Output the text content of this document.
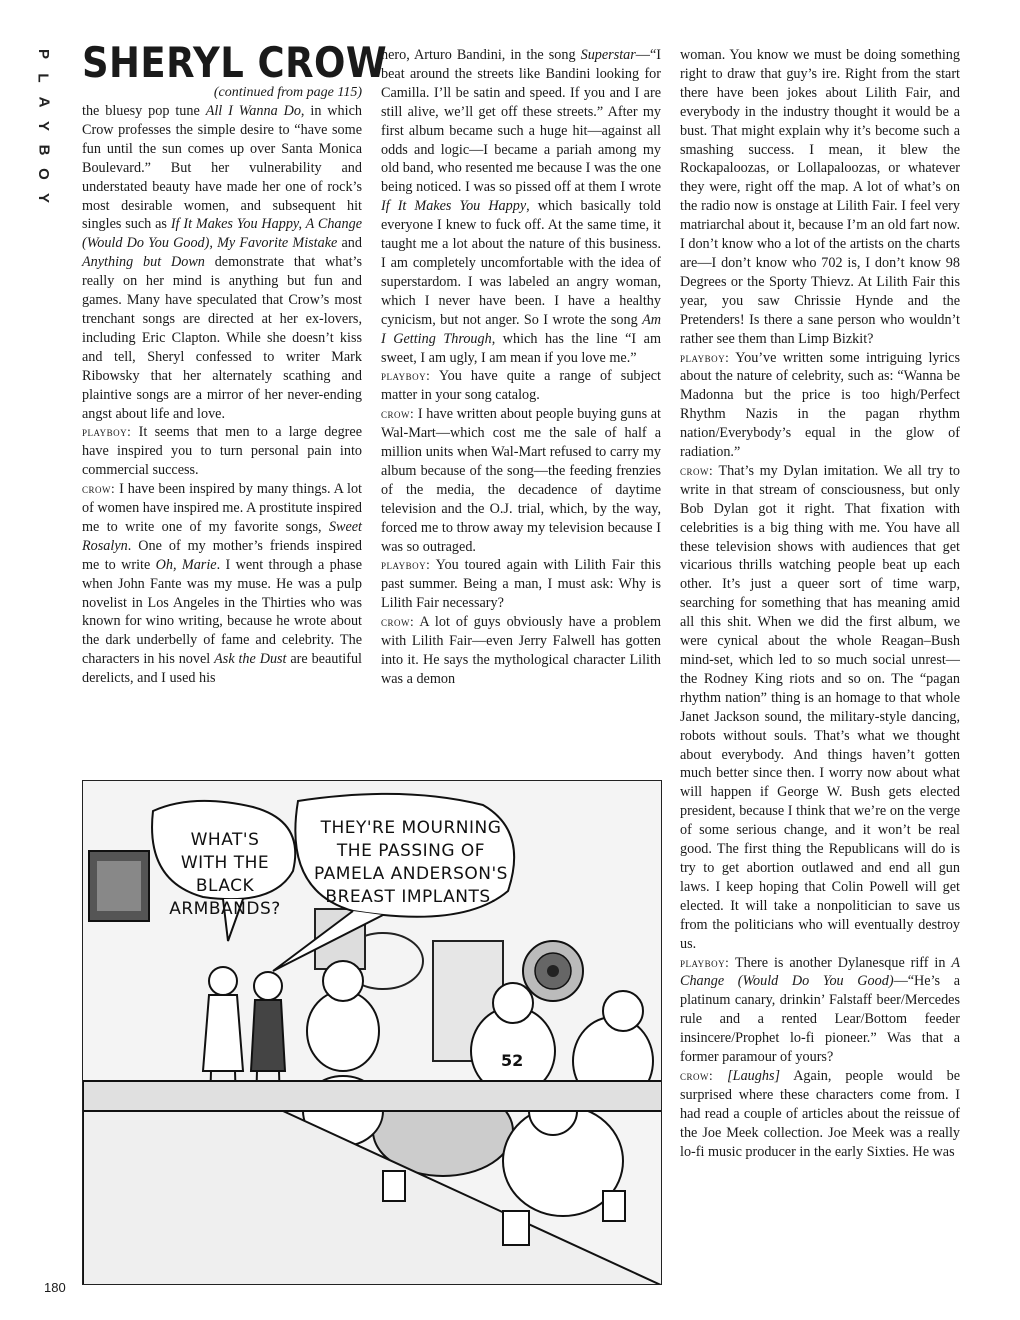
P
L
A
Y
B
O
Y
SHERYL CROW
(continued from page 115)

the bluesy pop tune All I Wanna Do, in which Crow professes the simple desire to “have some fun until the sun comes up over Santa Monica Boulevard.” But her vulnerability and understated beauty have made her one of rock’s most desirable women, and subsequent hit singles such as If It Makes You Happy, A Change (Would Do You Good), My Favorite Mistake and Anything but Down demonstrate that what’s really on her mind is anything but fun and games. Many have speculated that Crow’s most trenchant songs are directed at her ex-lovers, including Eric Clapton. While she doesn’t kiss and tell, Sheryl confessed to writer Mark Ribowsky that her alternately scathing and plaintive songs are a mirror of her never-ending angst about life and love.

playboy: It seems that men to a large degree have inspired you to turn personal pain into commercial success.

crow: I have been inspired by many things. A lot of women have inspired me. A prostitute inspired me to write one of my favorite songs, Sweet Rosalyn. One of my mother’s friends inspired me to write Oh, Marie. I went through a phase when John Fante was my muse. He was a pulp novelist in Los Angeles in the Thirties who was known for wino writing, because he wrote about the dark underbelly of fame and celebrity. The characters in his novel Ask the Dust are beautiful derelicts, and I used his

hero, Arturo Bandini, in the song Superstar—“I beat around the streets like Bandini looking for Camilla. I’ll be satin and speed. If you and I are still alive, we’ll get off these streets.” After my first album became such a huge hit—against all odds and logic—I became a pariah among my old band, who resented me because I was the one being noticed. I was so pissed off at them I wrote If It Makes You Happy, which basically told everyone I knew to fuck off. At the same time, it taught me a lot about the nature of this business. I am completely uncomfortable with the idea of superstardom. I was labeled an angry woman, which I never have been. I have a healthy cynicism, but not anger. So I wrote the song Am I Getting Through, which has the line “I am sweet, I am ugly, I am mean if you love me.”

playboy: You have quite a range of subject matter in your song catalog.

crow: I have written about people buying guns at Wal-Mart—which cost me the sale of half a million units when Wal-Mart refused to carry my album because of the song—the feeding frenzies of the media, the decadence of daytime television and the O.J. trial, which, by the way, forced me to throw away my television because I was so outraged.

playboy: You toured again with Lilith Fair this past summer. Being a man, I must ask: Why is Lilith Fair necessary?

crow: A lot of guys obviously have a problem with Lilith Fair—even Jerry Falwell has gotten into it. He says the mythological character Lilith was a demon

woman. You know we must be doing something right to draw that guy’s ire. Right from the start there have been jokes about Lilith Fair, and everybody in the industry thought it would be a bust. That might explain why it’s become such a smashing success. I mean, it blew the Rockapaloozas, or Lollapaloozas, or whatever they were, right off the map. A lot of what’s on the radio now is onstage at Lilith Fair. I feel very matriarchal about it, because I’m an old fart now. I don’t know who a lot of the artists on the charts are—I don’t know who 702 is, I don’t know 98 Degrees or the Sporty Thievz. At Lilith Fair this year, you saw Chrissie Hynde and the Pretenders! Is there a sane person who wouldn’t rather see them than Limp Bizkit?

playboy: You’ve written some intriguing lyrics about the nature of celebrity, such as: “Wanna be Madonna but the price is too high/Perfect Rhythm Nazis in the pagan rhythm nation/Everybody’s equal in the glow of radiation.”

crow: That’s my Dylan imitation. We all try to write in that stream of consciousness, but only Bob Dylan got it right. That fixation with celebrities is a big thing with me. You have all these television shows with audiences that get vicarious thrills watching people beat up each other. It’s just a queer sort of time warp, searching for something that has meaning amid all this shit. When we did the first album, we were cynical about the whole Reagan–Bush mind-set, which led to so much social unrest—the Rodney King riots and so on. The “pagan rhythm nation” thing is an homage to that whole Janet Jackson sound, the military-style dancing, robots without souls. That’s what we thought about everybody. And things haven’t gotten much better since then. I worry now about what will happen if George W. Bush gets elected president, because I think that we’re on the verge of some serious change, and it won’t be real good. The first thing the Republicans will do is try to get abortion outlawed and end all gun laws. I keep hoping that Colin Powell will get elected. It will take a nonpolitician to save us from the politicians who will eventually destroy us.

playboy: There is another Dylanesque riff in A Change (Would Do You Good)—“He’s a platinum canary, drinkin’ Falstaff beer/Mercedes rule and a rented Lear/Bottom feeder insincere/Prophet lo-fi pioneer.” Was that a former paramour of yours?

crow: [Laughs] Again, people would be surprised where these characters come from. I had read a couple of articles about the reissue of the Joe Meek collection. Joe Meek was a really lo-fi music producer in the early Sixties. He was

52
WHAT'S WITH THE BLACK ARMBANDS?
THEY'RE MOURNING THE PASSING OF PAMELA ANDERSON'S BREAST IMPLANTS.
180
